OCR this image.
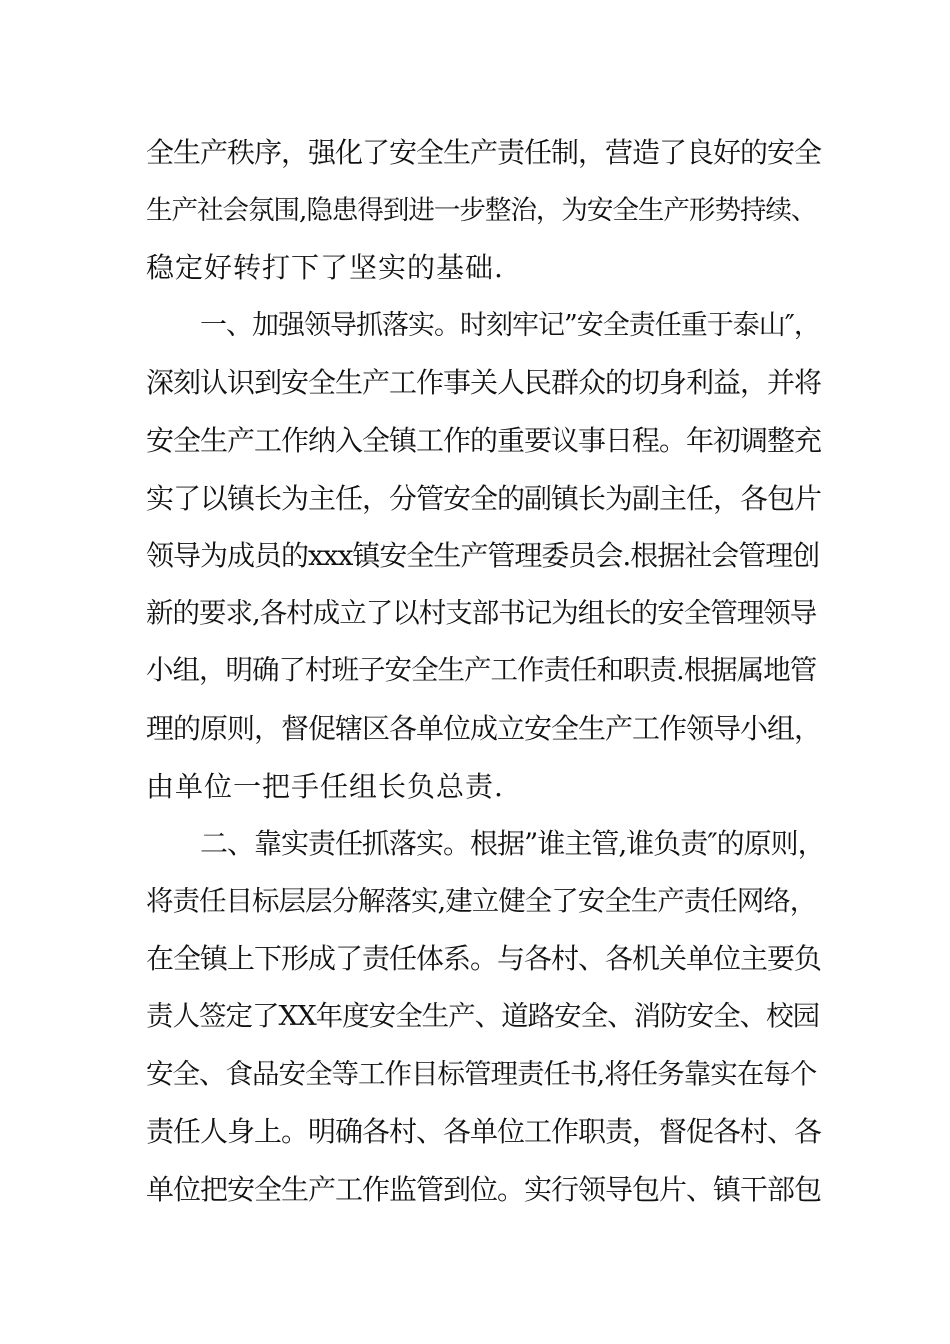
全生产秩序，强化了安全生产责任制，营造了良好的安全
生产社会氛围,隐患得到进一步整治，为安全生产形势持续、
稳定好转打下了坚实的基础.
一、加强领导抓落实。时刻牢记”安全责任重于泰山″，
深刻认识到安全生产工作事关人民群众的切身利益，并将
安全生产工作纳入全镇工作的重要议事日程。年初调整充
实了以镇长为主任，分管安全的副镇长为副主任，各包片
领导为成员的xxx镇安全生产管理委员会.根据社会管理创
新的要求,各村成立了以村支部书记为组长的安全管理领导
小组，明确了村班子安全生产工作责任和职责.根据属地管
理的原则，督促辖区各单位成立安全生产工作领导小组，
由单位一把手任组长负总责.
二、靠实责任抓落实。根据”谁主管,谁负责″的原则，
将责任目标层层分解落实,建立健全了安全生产责任网络，
在全镇上下形成了责任体系。与各村、各机关单位主要负
责人签定了XX年度安全生产、道路安全、消防安全、校园
安全、食品安全等工作目标管理责任书,将任务靠实在每个
责任人身上。明确各村、各单位工作职责，督促各村、各
单位把安全生产工作监管到位。实行领导包片、镇干部包
